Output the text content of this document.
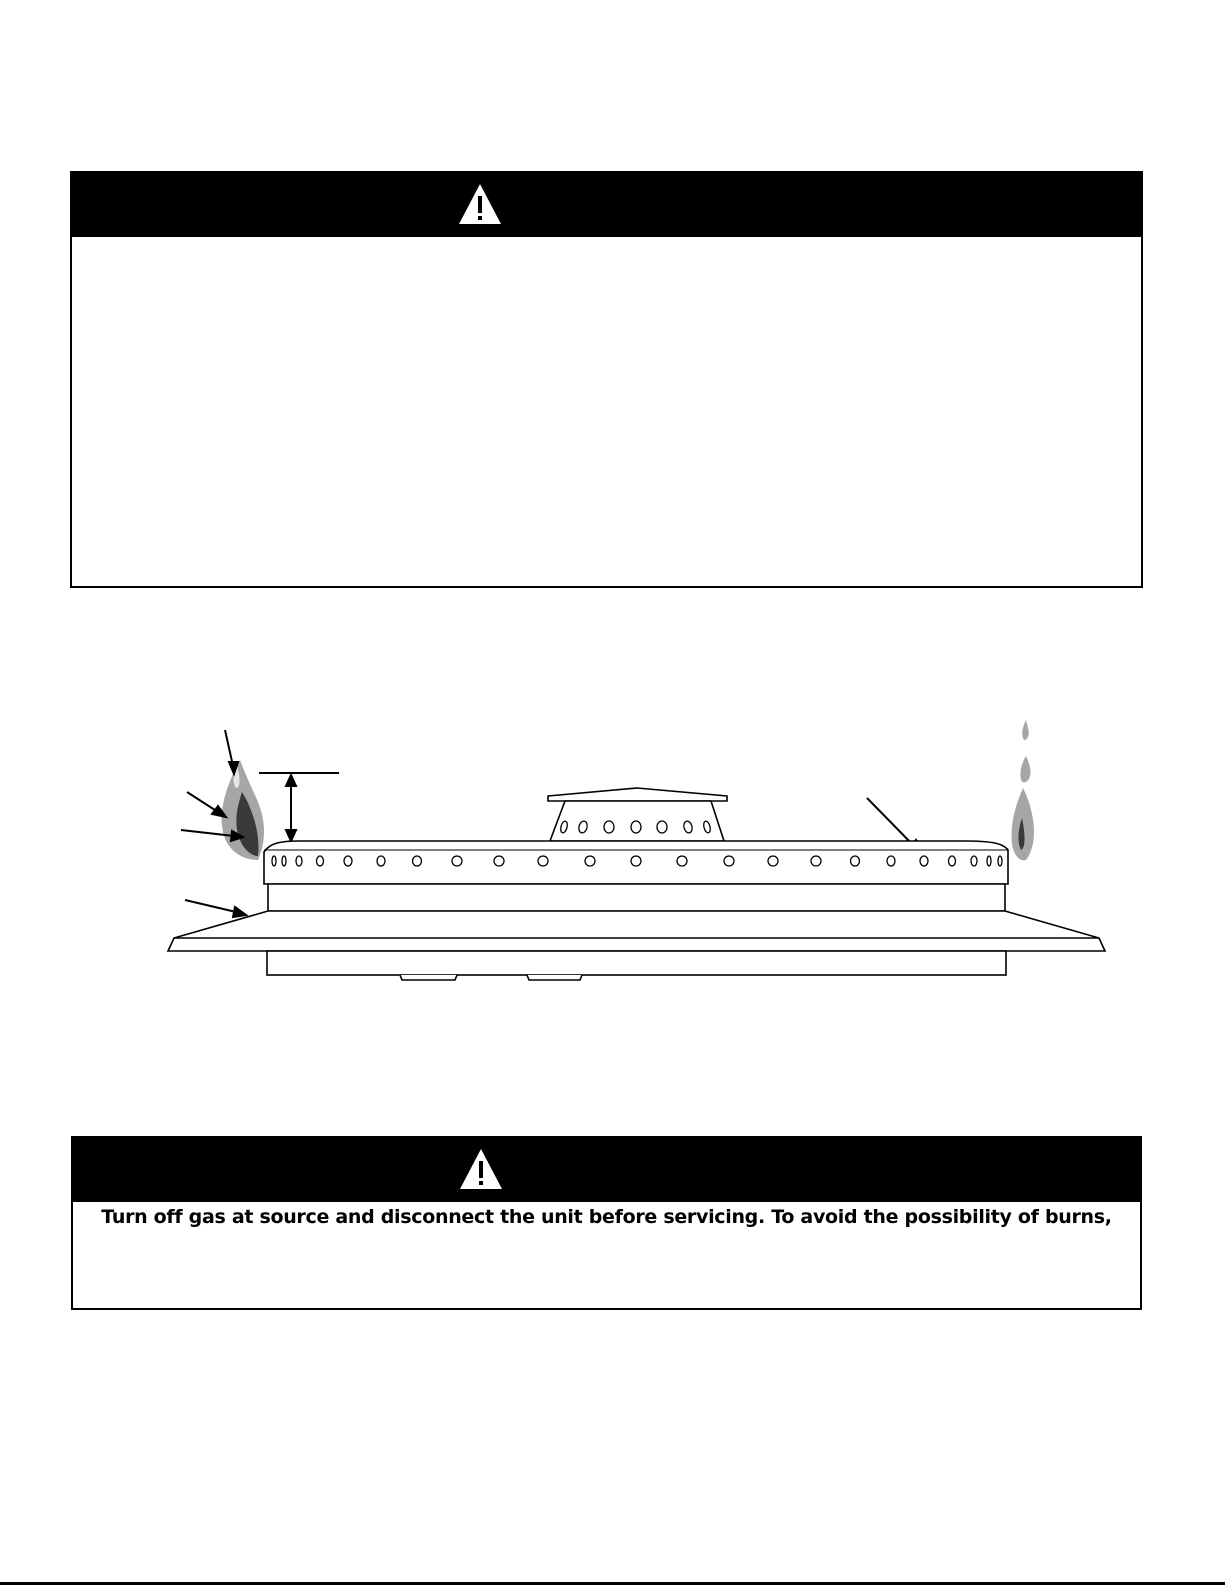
Turn off gas at source and disconnect the unit before servicing. To avoid the possibility of burns,
